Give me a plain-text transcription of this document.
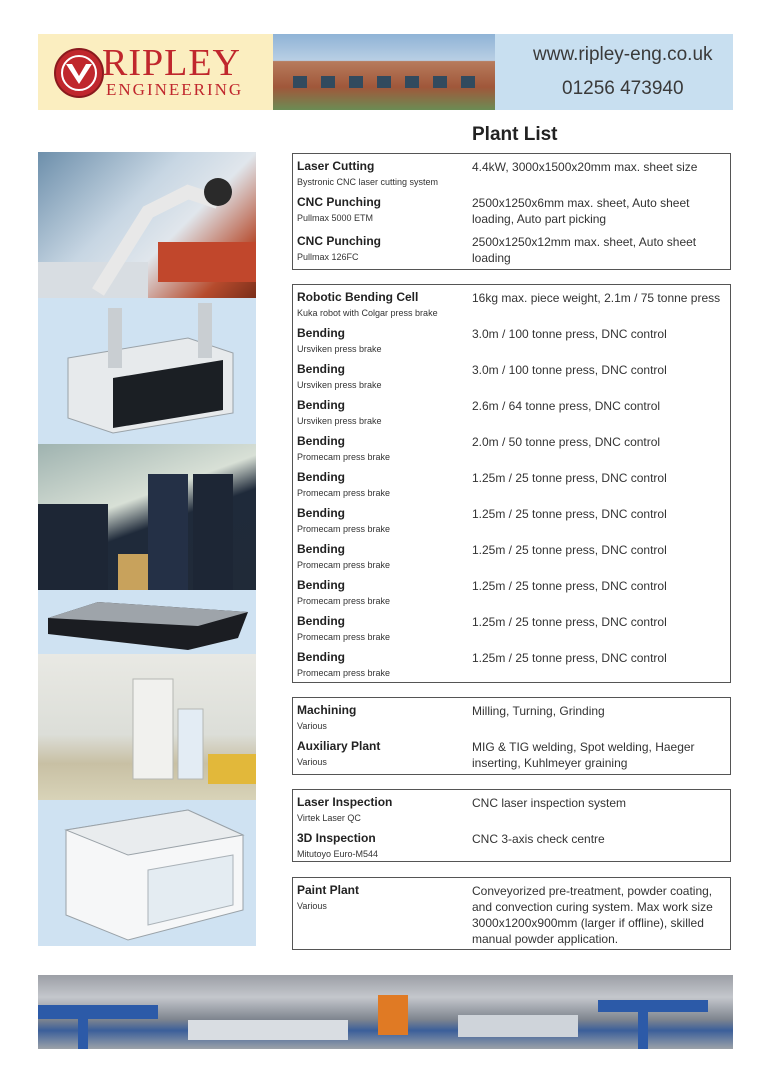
RIPLEY
ENGINEERING
www.ripley-eng.co.uk
01256 473940
Plant List
Laser Cutting
Bystronic CNC laser cutting system
4.4kW, 3000x1500x20mm max. sheet size
CNC Punching
Pullmax 5000 ETM
2500x1250x6mm max. sheet, Auto sheet loading, Auto part picking
CNC Punching
Pullmax 126FC
2500x1250x12mm max. sheet, Auto sheet loading
Robotic Bending Cell
Kuka robot with Colgar press brake
16kg max. piece weight, 2.1m / 75 tonne press
Bending
Ursviken press brake
3.0m / 100 tonne press, DNC control
Bending
Ursviken press brake
3.0m / 100 tonne press, DNC control
Bending
Ursviken press brake
2.6m / 64 tonne press, DNC control
Bending
Promecam press brake
2.0m / 50 tonne press, DNC control
Bending
Promecam press brake
1.25m / 25 tonne press, DNC control
Bending
Promecam press brake
1.25m / 25 tonne press, DNC control
Bending
Promecam press brake
1.25m / 25 tonne press, DNC control
Bending
Promecam press brake
1.25m / 25 tonne press, DNC control
Bending
Promecam press brake
1.25m / 25 tonne press, DNC control
Bending
Promecam press brake
1.25m / 25 tonne press, DNC control
Machining
Various
Milling, Turning, Grinding
Auxiliary Plant
Various
MIG & TIG welding, Spot welding, Haeger inserting, Kuhlmeyer graining
Laser Inspection
Virtek Laser QC
CNC laser inspection system
3D Inspection
Mitutoyo Euro-M544
CNC 3-axis check centre
Paint Plant
Various
Conveyorized pre-treatment, powder coating, and convection curing system. Max work size 3000x1200x900mm (larger if offline), skilled manual powder application.
